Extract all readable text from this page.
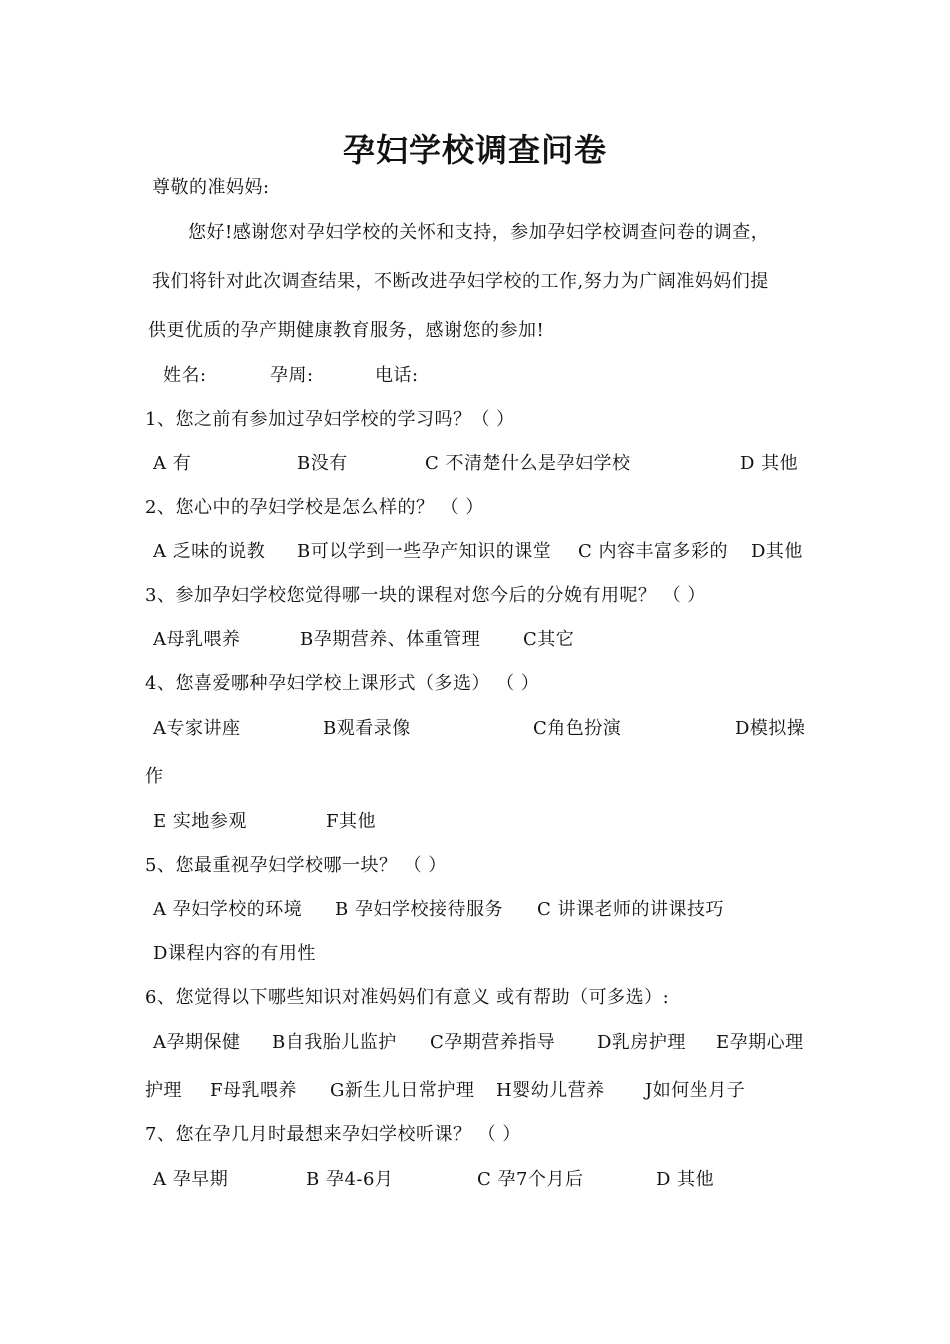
孕妇学校调查问卷
尊敬的准妈妈:
您好!感谢您对孕妇学校的关怀和支持，参加孕妇学校调查问卷的调查，
我们将针对此次调查结果，不断改进孕妇学校的工作,努力为广阔准妈妈们提
供更优质的孕产期健康教育服务，感谢您的参加!
姓名:	孕周:	电话:
1、您之前有参加过孕妇学校的学习吗？（ ）
A 有	B没有	C 不清楚什么是孕妇学校	D 其他
2、您心中的孕妇学校是怎么样的？ （ ）
A 乏味的说教 B可以学到一些孕产知识的课堂 C 内容丰富多彩的 D其他
3、参加孕妇学校您觉得哪一块的课程对您今后的分娩有用呢？ （ ）
A母乳喂养	B孕期营养、体重管理 C其它
4、您喜爱哪种孕妇学校上课形式（多选） （ ）
A专家讲座	B观看录像	C角色扮演	D模拟操
作
E 实地参观	F其他
5、您最重视孕妇学校哪一块？ （ ）
A 孕妇学校的环境 B 孕妇学校接待服务 C 讲课老师的讲课技巧
D课程内容的有用性
6、您觉得以下哪些知识对准妈妈们有意义 或有帮助（可多选）:
A孕期保健 B自我胎儿监护 C孕期营养指导 D乳房护理 E孕期心理
护理 F母乳喂养 G新生儿日常护理 H婴幼儿营养 J如何坐月子
7、您在孕几月时最想来孕妇学校听课？ （ ）
A 孕早期	B 孕4-6月	C 孕7个月后	D 其他
